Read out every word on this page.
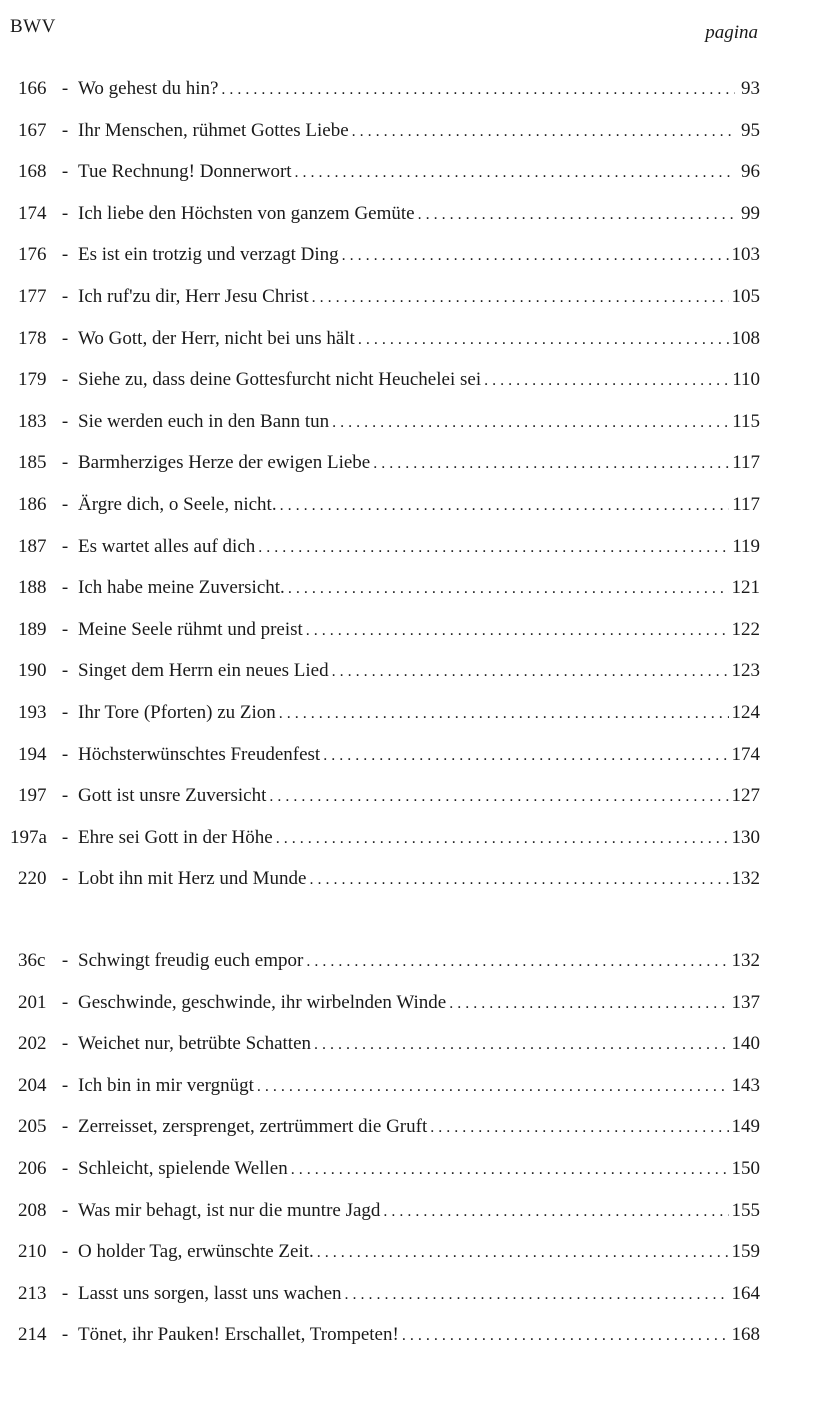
BWV	pagina
166 - Wo gehest du hin? . . .	93
167 - Ihr Menschen, rühmet Gottes Liebe . . .	95
168 - Tue Rechnung! Donnerwort . . .	96
174 - Ich liebe den Höchsten von ganzem Gemüte . . .	99
176 - Es ist ein trotzig und verzagt Ding . . .	103
177 - Ich ruf'zu dir, Herr Jesu Christ . . .	105
178 - Wo Gott, der Herr, nicht bei uns hält . . .	108
179 - Siehe zu, dass deine Gottesfurcht nicht Heuchelei sei . . .	110
183 - Sie werden euch in den Bann tun . . .	115
185 - Barmherziges Herze der ewigen Liebe . . .	117
186 - Ärgre dich, o Seele, nicht. . . .	117
187 - Es wartet alles auf dich . . .	119
188 - Ich habe meine Zuversicht. . . .	121
189 - Meine Seele rühmt und preist . . .	122
190 - Singet dem Herrn ein neues Lied . . .	123
193 - Ihr Tore (Pforten) zu Zion . . .	124
194 - Höchsterwünschtes Freudenfest . . .	174
197 - Gott ist unsre Zuversicht . . .	127
197a - Ehre sei Gott in der Höhe . . .	130
220 - Lobt ihn mit Herz und Munde . . .	132
36c - Schwingt freudig euch empor . . .	132
201 - Geschwinde, geschwinde, ihr wirbelnden Winde . . .	137
202 - Weichet nur, betrübte Schatten . . .	140
204 - Ich bin in mir vergnügt . . .	143
205 - Zerreisset, zersprenget, zertrümmert die Gruft . . .	149
206 - Schleicht, spielende Wellen . . .	150
208 - Was mir behagt, ist nur die muntre Jagd . . .	155
210 - O holder Tag, erwünschte Zeit. . . .	159
213 - Lasst uns sorgen, lasst uns wachen . . .	164
214 - Tönet, ihr Pauken! Erschallet, Trompeten! . . .	168
